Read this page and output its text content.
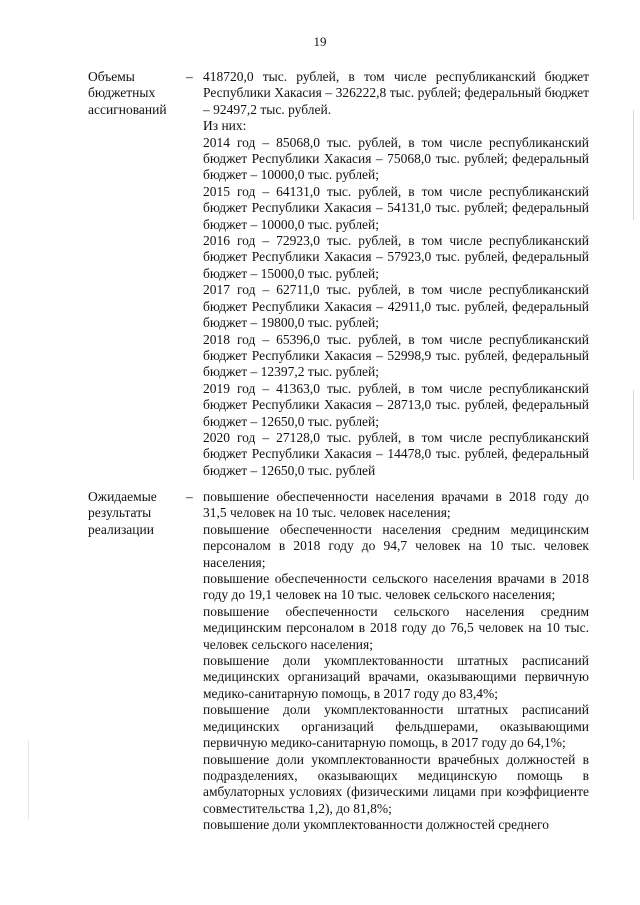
19
Объемы бюджетных ассигнований
– 418720,0 тыс. рублей, в том числе республиканский бюджет Республики Хакасия – 326222,8 тыс. рублей; федеральный бюджет – 92497,2 тыс. рублей.

Из них:

2014 год – 85068,0 тыс. рублей, в том числе республиканский бюджет Республики Хакасия – 75068,0 тыс. рублей; федеральный бюджет – 10000,0 тыс. рублей;

2015 год – 64131,0 тыс. рублей, в том числе республиканский бюджет Республики Хакасия – 54131,0 тыс. рублей; федеральный бюджет – 10000,0 тыс. рублей;

2016 год – 72923,0 тыс. рублей, в том числе республиканский бюджет Республики Хакасия – 57923,0 тыс. рублей, федеральный бюджет – 15000,0 тыс. рублей;

2017 год – 62711,0 тыс. рублей, в том числе республиканский бюджет Республики Хакасия – 42911,0 тыс. рублей, федеральный бюджет – 19800,0 тыс. рублей;

2018 год – 65396,0 тыс. рублей, в том числе республиканский бюджет Республики Хакасия – 52998,9 тыс. рублей, федеральный бюджет – 12397,2 тыс. рублей;

2019 год – 41363,0 тыс. рублей, в том числе республиканский бюджет Республики Хакасия – 28713,0 тыс. рублей, федеральный бюджет – 12650,0 тыс. рублей;

2020 год – 27128,0 тыс. рублей, в том числе республиканский бюджет Республики Хакасия – 14478,0 тыс. рублей, федеральный бюджет – 12650,0 тыс. рублей

Ожидаемые результаты реализации
– повышение обеспеченности населения врачами в 2018 году до 31,5 человек на 10 тыс. человек населения;

повышение обеспеченности населения средним медицинским персоналом в 2018 году до 94,7 человек на 10 тыс. человек населения;

повышение обеспеченности сельского населения врачами в 2018 году до 19,1 человек на 10 тыс. человек сельского населения;

повышение обеспеченности сельского населения средним медицинским персоналом в 2018 году до 76,5 человек на 10 тыс. человек сельского населения;

повышение доли укомплектованности штатных расписаний медицинских организаций врачами, оказывающими первичную медико-санитарную помощь, в 2017 году до 83,4%;

повышение доли укомплектованности штатных расписаний медицинских организаций фельдшерами, оказывающими первичную медико-санитарную помощь, в 2017 году до 64,1%;

повышение доли укомплектованности врачебных должностей в подразделениях, оказывающих медицинскую помощь в амбулаторных условиях (физическими лицами при коэффициенте совместительства 1,2), до 81,8%;

повышение доли укомплектованности должностей среднего
